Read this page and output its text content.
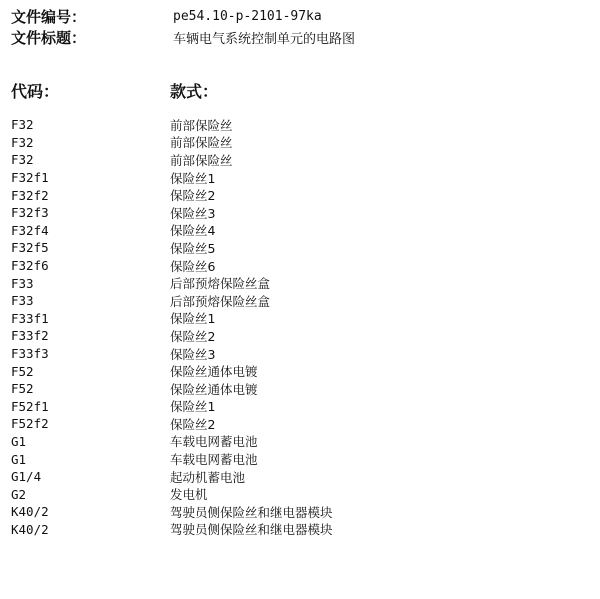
文件编号：	pe54.10-p-2101-97ka
文件标题：	车辆电气系统控制单元的电路图
代码：	款式：
F32	前部保险丝
F32	前部保险丝
F32	前部保险丝
F32f1	保险丝1
F32f2	保险丝2
F32f3	保险丝3
F32f4	保险丝4
F32f5	保险丝5
F32f6	保险丝6
F33	后部预熔保险丝盒
F33	后部预熔保险丝盒
F33f1	保险丝1
F33f2	保险丝2
F33f3	保险丝3
F52	保险丝通体电镀
F52	保险丝通体电镀
F52f1	保险丝1
F52f2	保险丝2
G1	车载电网蓄电池
G1	车载电网蓄电池
G1/4	起动机蓄电池
G2	发电机
K40/2	驾驶员侧保险丝和继电器模块
K40/2	驾驶员侧保险丝和继电器模块
